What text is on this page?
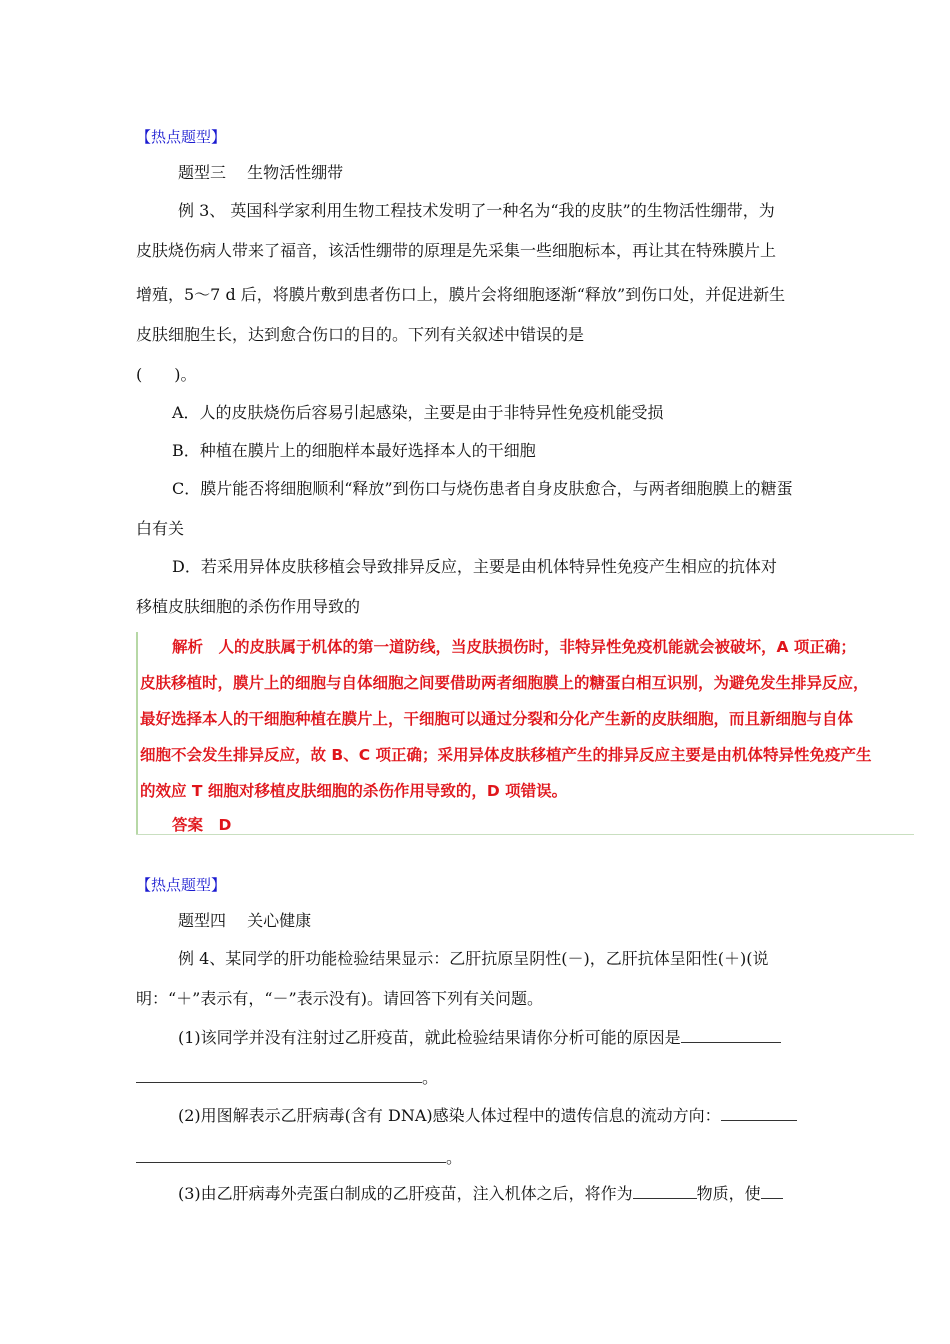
【热点题型】
题型三　 生物活性绷带
例 3、 英国科学家利用生物工程技术发明了一种名为“我的皮肤”的生物活性绷带，为
皮肤烧伤病人带来了福音，该活性绷带的原理是先采集一些细胞标本，再让其在特殊膜片上
增殖，5～7 d 后，将膜片敷到患者伤口上，膜片会将细胞逐渐“释放”到伤口处，并促进新生
皮肤细胞生长，达到愈合伤口的目的。下列有关叙述中错误的是
(　　)。
A．人的皮肤烧伤后容易引起感染，主要是由于非特异性免疫机能受损
B．种植在膜片上的细胞样本最好选择本人的干细胞
C．膜片能否将细胞顺利“释放”到伤口与烧伤患者自身皮肤愈合，与两者细胞膜上的糖蛋
白有关
D．若采用异体皮肤移植会导致排异反应，主要是由机体特异性免疫产生相应的抗体对
移植皮肤细胞的杀伤作用导致的
解析　人的皮肤属于机体的第一道防线，当皮肤损伤时，非特异性免疫机能就会被破坏，A 项正确；
皮肤移植时，膜片上的细胞与自体细胞之间要借助两者细胞膜上的糖蛋白相互识别，为避免发生排异反应，
最好选择本人的干细胞种植在膜片上，干细胞可以通过分裂和分化产生新的皮肤细胞，而且新细胞与自体
细胞不会发生排异反应，故 B、C 项正确；采用异体皮肤移植产生的排异反应主要是由机体特异性免疫产生
的效应 T 细胞对移植皮肤细胞的杀伤作用导致的，D 项错误。
答案　D
【热点题型】
题型四　 关心健康
例 4、某同学的肝功能检验结果显示：乙肝抗原呈阴性(－)，乙肝抗体呈阳性(＋)(说
明：“＋”表示有，“－”表示没有)。请回答下列有关问题。
(1)该同学并没有注射过乙肝疫苗，就此检验结果请你分析可能的原因是
。
(2)用图解表示乙肝病毒(含有 DNA)感染人体过程中的遗传信息的流动方向：
。
(3)由乙肝病毒外壳蛋白制成的乙肝疫苗，注入机体之后，将作为	物质，使
